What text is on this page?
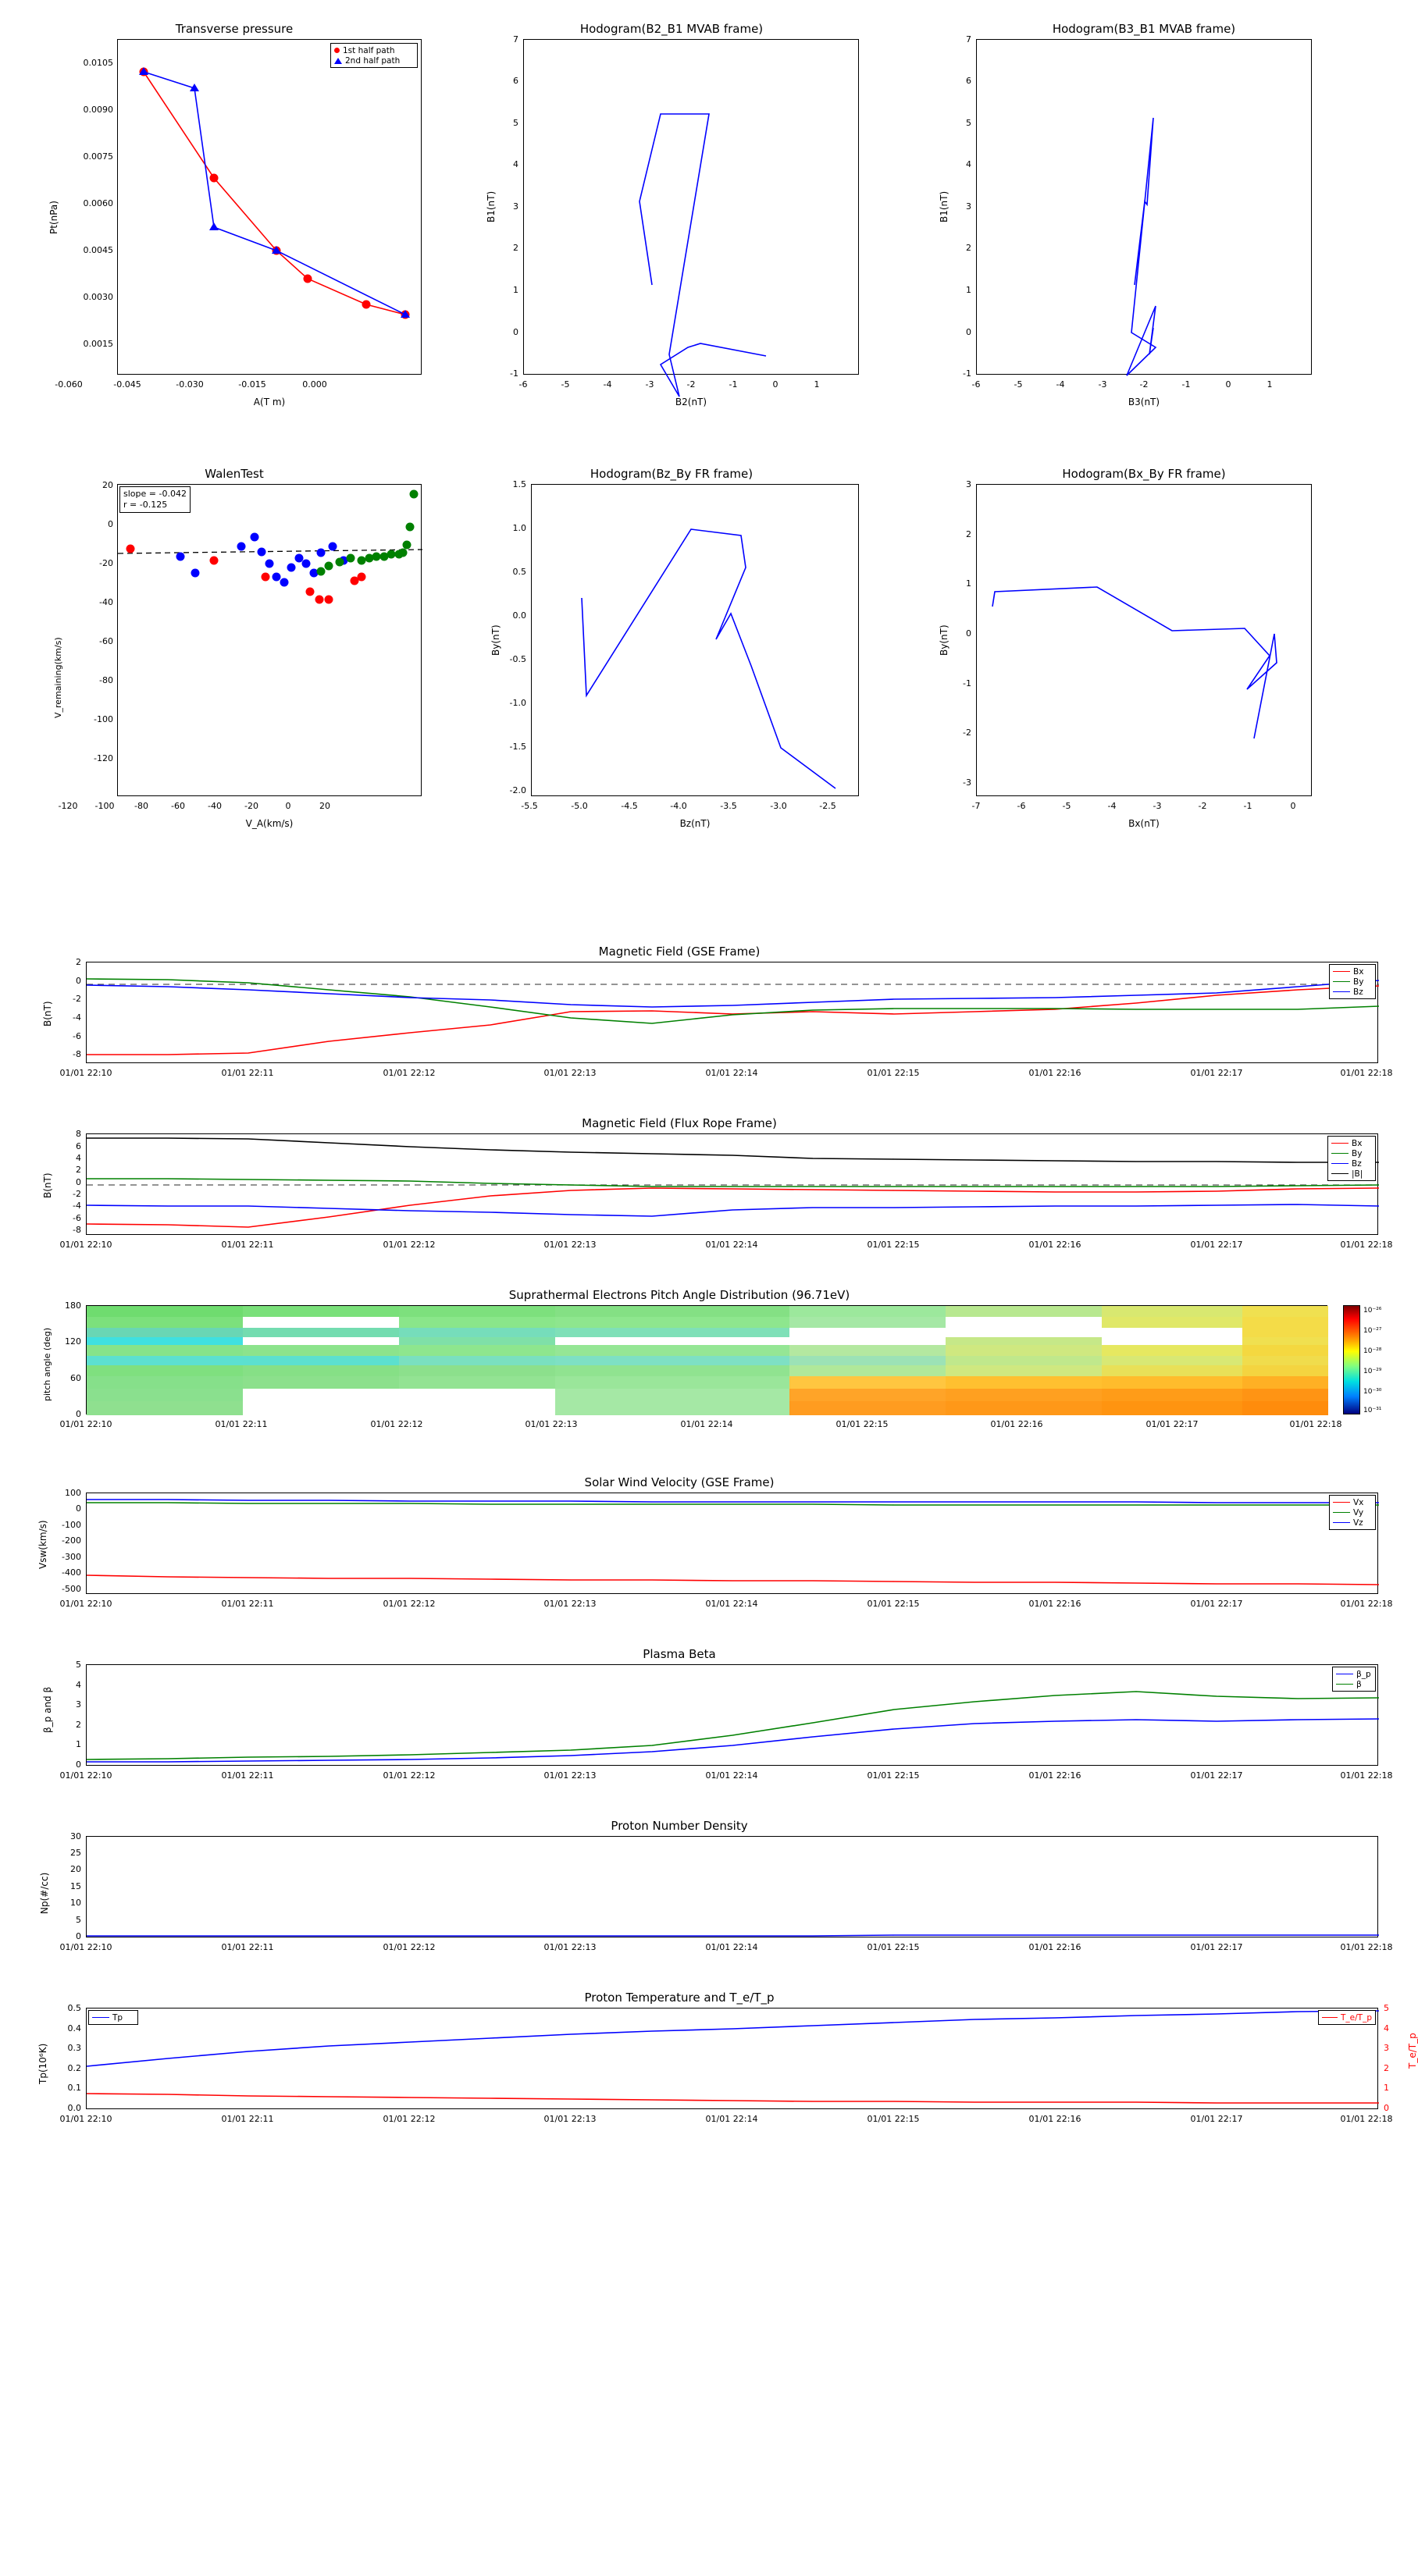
Transverse pressure
1st half path
2nd half path
0.0105
0.0090
0.0075
0.0060
0.0045
0.0030
0.0015
-0.060	-0.045	-0.030	-0.015	0.000
A(T m)
Pt(nPa)
Hodogram(B2_B1 MVAB frame)
7
6
5
4
3
2
1
0
-1
-6	-5	-4	-3	-2	-1	0	1
B2(nT)
B1(nT)
Hodogram(B3_B1 MVAB frame)
7
6
5
4
3
2
1
0
-1
-6	-5	-4	-3	-2	-1	0	1
B3(nT)
B1(nT)
WalenTest
slope = -0.042
r = -0.125
20
0
-20
-40
-60
-80
-100
-120
-120	-100	-80	-60	-40	-20	0	20
V_A(km/s)
V_remaining(km/s)
Hodogram(Bz_By FR frame)
1.5
1.0
0.5
0.0
-0.5
-1.0
-1.5
-2.0
-5.5	-5.0	-4.5	-4.0	-3.5	-3.0	-2.5
Bz(nT)
By(nT)
Hodogram(Bx_By FR frame)
3
2
1
0
-1
-2
-3
-7	-6	-5	-4	-3	-2	-1	0
Bx(nT)
By(nT)
Magnetic Field (GSE Frame)
Bx
By
Bz
2
0
-2
-4
-6
-8
01/01 22:10	01/01 22:11	01/01 22:12	01/01 22:13	01/01 22:14	01/01 22:15	01/01 22:16	01/01 22:17	01/01 22:18
B(nT)
Magnetic Field (Flux Rope Frame)
Bx
By
Bz
|B|
8
6
4
2
0
-2
-4
-6
-8
01/01 22:10	01/01 22:11	01/01 22:12	01/01 22:13	01/01 22:14	01/01 22:15	01/01 22:16	01/01 22:17	01/01 22:18
B(nT)
Suprathermal Electrons Pitch Angle Distribution (96.71eV)
10⁻²⁶
10⁻²⁷
10⁻²⁸
10⁻²⁹
10⁻³⁰
10⁻³¹
180
120
60
0
01/01 22:10	01/01 22:11	01/01 22:12	01/01 22:13	01/01 22:14	01/01 22:15	01/01 22:16	01/01 22:17	01/01 22:18
pitch angle (deg)
Solar Wind Velocity (GSE Frame)
Vx
Vy
Vz
100
0
-100
-200
-300
-400
-500
01/01 22:10	01/01 22:11	01/01 22:12	01/01 22:13	01/01 22:14	01/01 22:15	01/01 22:16	01/01 22:17	01/01 22:18
Vsw(km/s)
Plasma Beta
β_p
β
5
4
3
2
1
0
01/01 22:10	01/01 22:11	01/01 22:12	01/01 22:13	01/01 22:14	01/01 22:15	01/01 22:16	01/01 22:17	01/01 22:18
β_p and β
Proton Number Density
30
25
20
15
10
5
0
01/01 22:10	01/01 22:11	01/01 22:12	01/01 22:13	01/01 22:14	01/01 22:15	01/01 22:16	01/01 22:17	01/01 22:18
Np(#/cc)
Proton Temperature and T_e/T_p
Tp	T_e/T_p
0.5
0.4
0.3
0.2
0.1
0.0
5
4
3
2
1
0
01/01 22:10	01/01 22:11	01/01 22:12	01/01 22:13	01/01 22:14	01/01 22:15	01/01 22:16	01/01 22:17	01/01 22:18
Tp(10⁶K)	T_e/T_p
